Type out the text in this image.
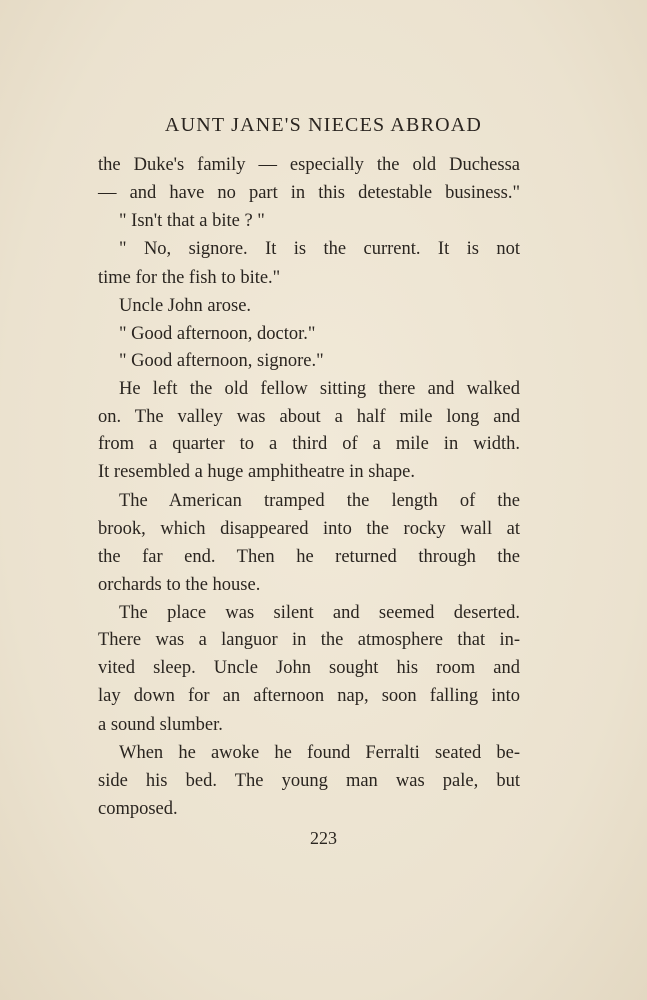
AUNT JANE'S NIECES ABROAD
the Duke's family — especially the old Duchessa
— and have no part in this detestable business."
" Isn't that a bite ? "
" No, signore. It is the current. It is not
time for the fish to bite."
Uncle John arose.
" Good afternoon, doctor."
" Good afternoon, signore."
He left the old fellow sitting there and walked
on. The valley was about a half mile long and
from a quarter to a third of a mile in width.
It resembled a huge amphitheatre in shape.
The American tramped the length of the
brook, which disappeared into the rocky wall at
the far end. Then he returned through the
orchards to the house.
The place was silent and seemed deserted.
There was a languor in the atmosphere that in-
vited sleep. Uncle John sought his room and
lay down for an afternoon nap, soon falling into
a sound slumber.
When he awoke he found Ferralti seated be-
side his bed. The young man was pale, but
composed.
223
